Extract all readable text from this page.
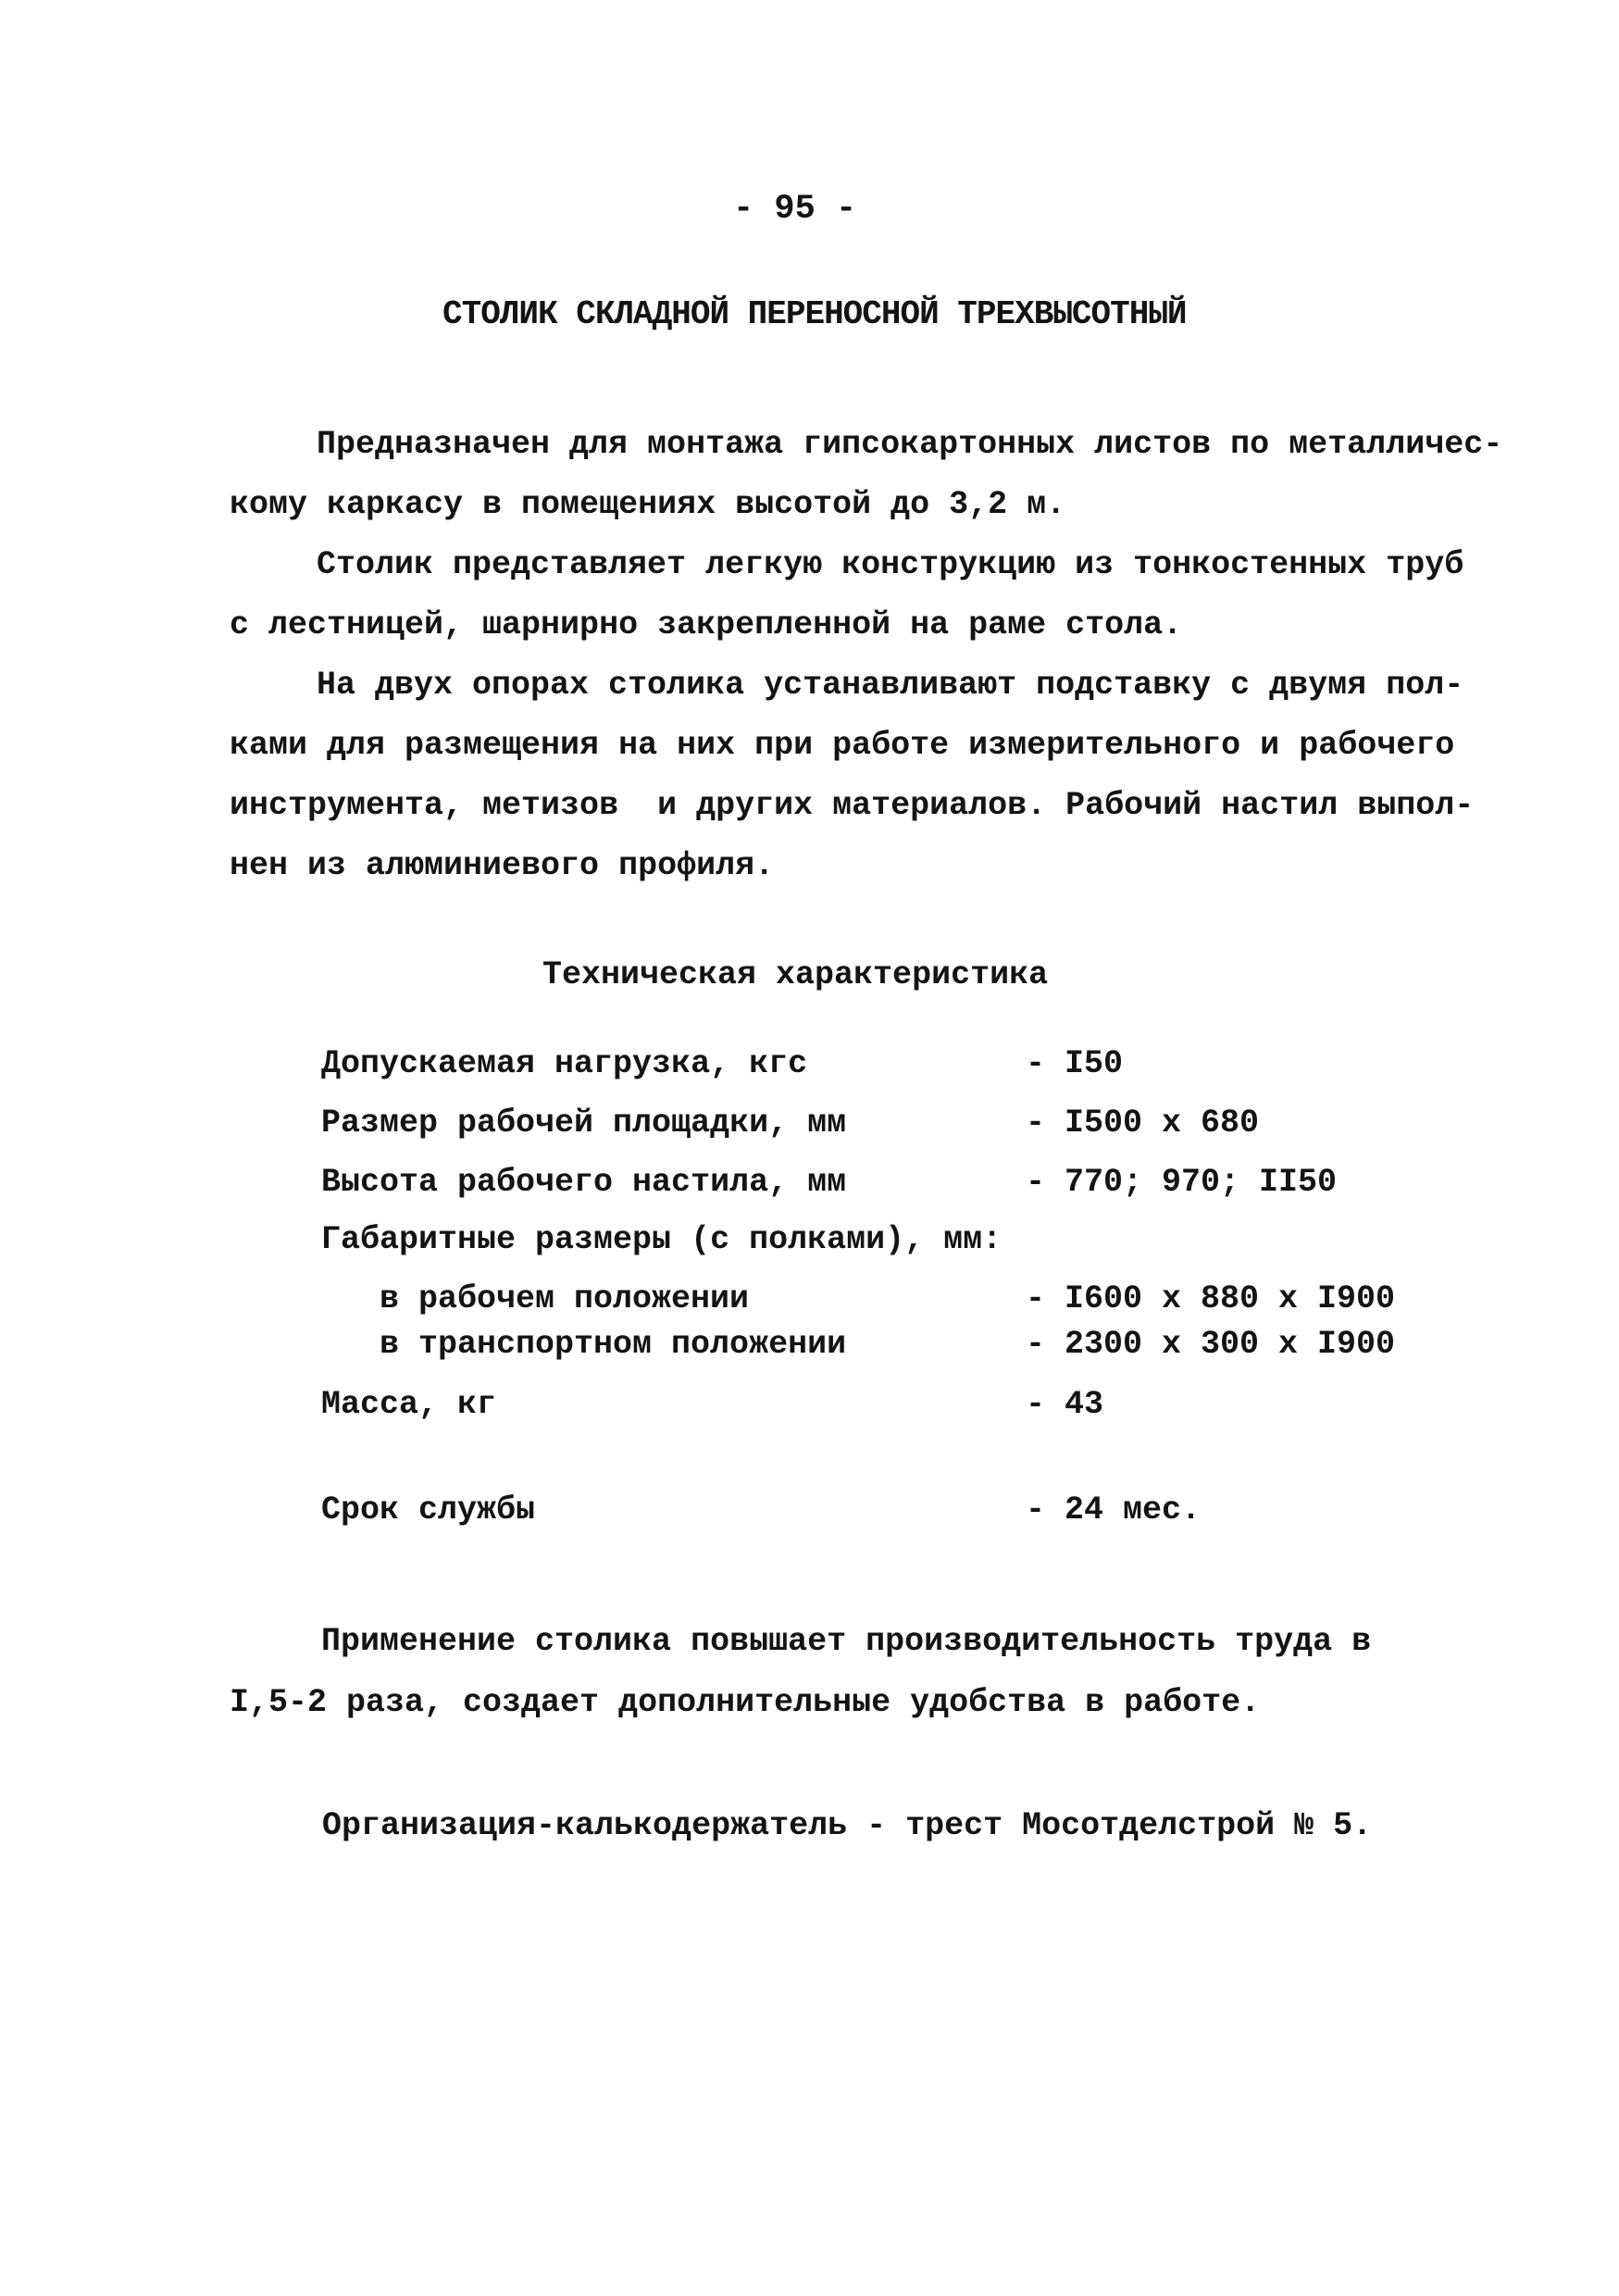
- 95 -
СТОЛИК СКЛАДНОЙ ПЕРЕНОСНОЙ ТРЕХВЫСОТНЫЙ
Предназначен для монтажа гипсокартонных листов по металличес-
кому каркасу в помещениях высотой до 3,2 м.
Столик представляет легкую конструкцию из тонкостенных труб
с лестницей, шарнирно закрепленной на раме стола.
На двух опорах столика устанавливают подставку с двумя пол-
ками для размещения на них при работе измерительного и рабочего
инструмента, метизов  и других материалов. Рабочий настил выпол-
нен из алюминиевого профиля.
Техническая характеристика
Допускаемая нагрузка, кгс	- I50
Размер рабочей площадки, мм	- I500 х 680
Высота рабочего настила, мм	- 770; 970; II50
Габаритные размеры (с полками), мм:
в рабочем положении	- I600 х 880 х I900
в транспортном положении	- 2300 х 300 х I900
Масса, кг	- 43
Срок службы	- 24 мес.
Применение столика повышает производительность труда в
I,5-2 раза, создает дополнительные удобства в работе.
Организация-калькодержатель - трест Мосотделстрой № 5.
